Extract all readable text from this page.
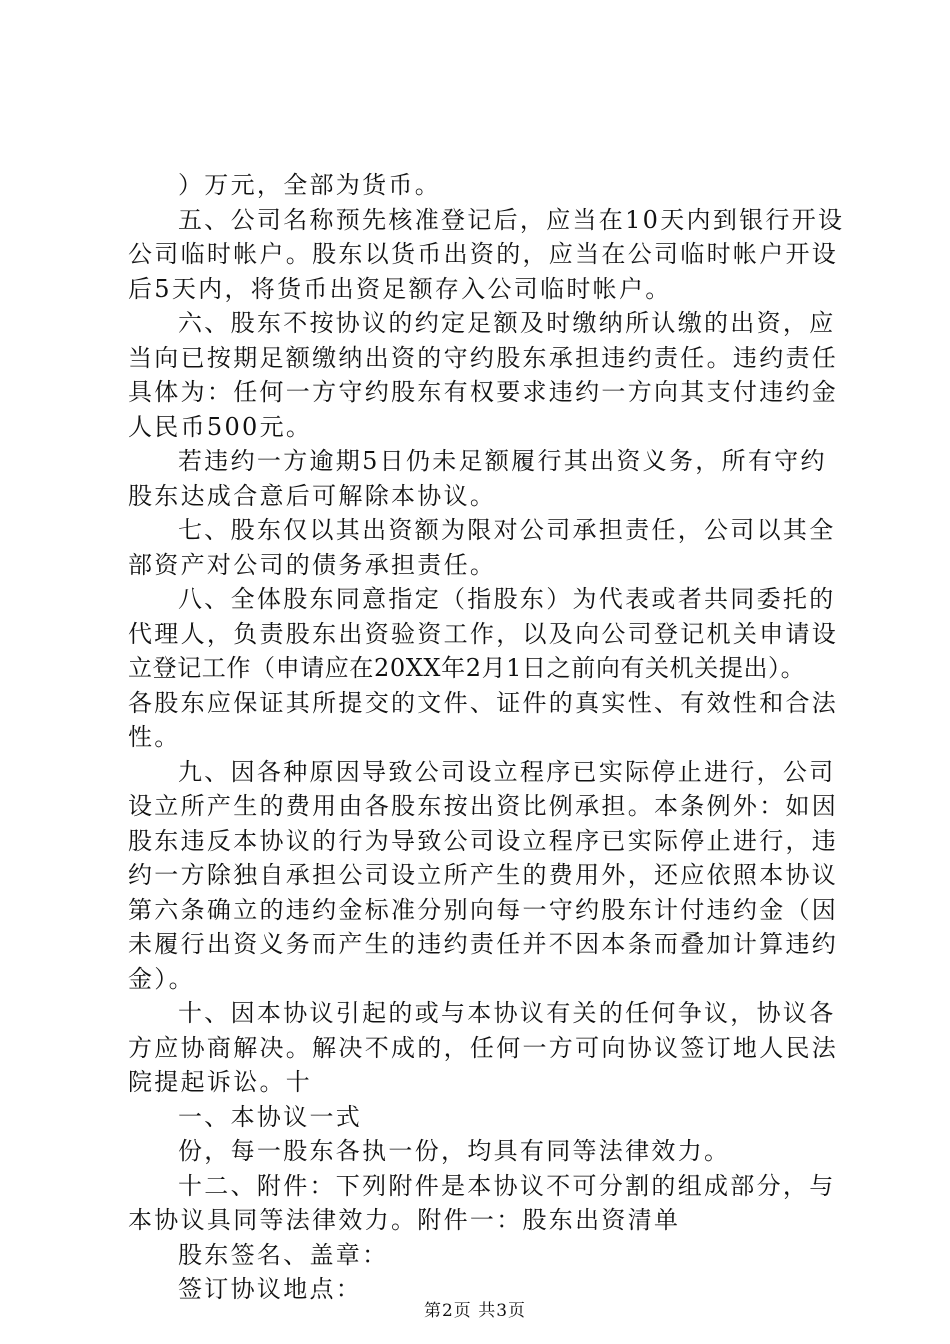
）万元，全部为货币。
五、公司名称预先核准登记后，应当在10天内到银行开设
公司临时帐户。股东以货币出资的，应当在公司临时帐户开设
后5天内，将货币出资足额存入公司临时帐户。
六、股东不按协议的约定足额及时缴纳所认缴的出资，应
当向已按期足额缴纳出资的守约股东承担违约责任。违约责任
具体为：任何一方守约股东有权要求违约一方向其支付违约金
人民币500元。
若违约一方逾期5日仍未足额履行其出资义务，所有守约
股东达成合意后可解除本协议。
七、股东仅以其出资额为限对公司承担责任，公司以其全
部资产对公司的债务承担责任。
八、全体股东同意指定（指股东）为代表或者共同委托的
代理人，负责股东出资验资工作，以及向公司登记机关申请设
立登记工作（申请应在20XX年2月1日之前向有关机关提出）。
各股东应保证其所提交的文件、证件的真实性、有效性和合法
性。
九、因各种原因导致公司设立程序已实际停止进行，公司
设立所产生的费用由各股东按出资比例承担。本条例外：如因
股东违反本协议的行为导致公司设立程序已实际停止进行，违
约一方除独自承担公司设立所产生的费用外，还应依照本协议
第六条确立的违约金标准分别向每一守约股东计付违约金（因
未履行出资义务而产生的违约责任并不因本条而叠加计算违约
金）。
十、因本协议引起的或与本协议有关的任何争议，协议各
方应协商解决。解决不成的，任何一方可向协议签订地人民法
院提起诉讼。十
一、本协议一式
份，每一股东各执一份，均具有同等法律效力。
十二、附件：下列附件是本协议不可分割的组成部分，与
本协议具同等法律效力。附件一：股东出资清单
股东签名、盖章：
签订协议地点：
第2页 共3页
